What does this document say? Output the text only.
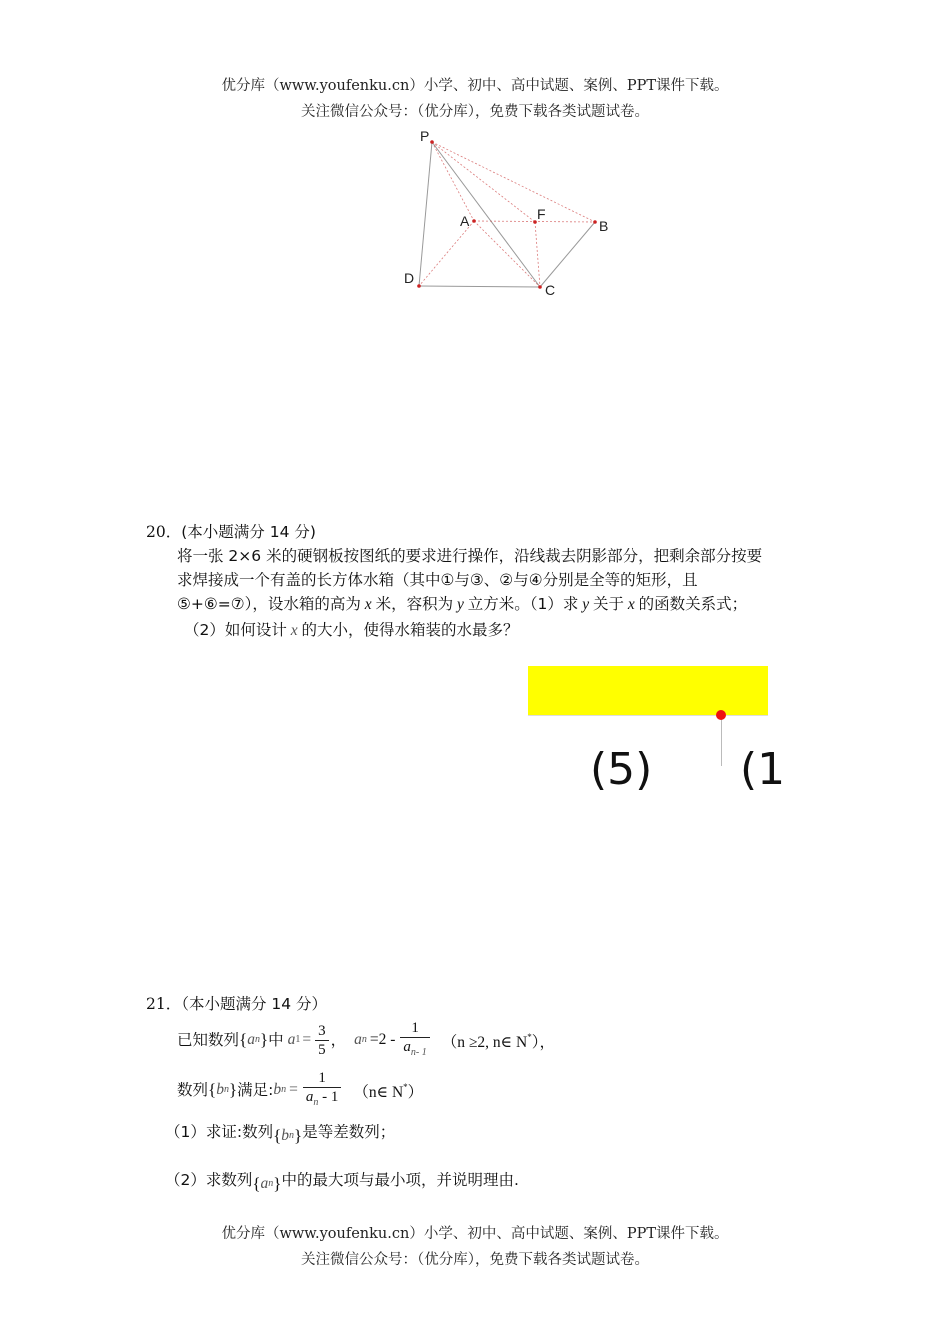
优分库（www.youfenku.cn）小学、初中、高中试题、案例、PPT课件下载。
关注微信公众号：（优分库），免费下载各类试题试卷。
P
A	F
B
D
C
20．(本小题满分 14 分)
将一张 2×6 米的硬钢板按图纸的要求进行操作，沿线裁去阴影部分，把剩余部分按要
求焊接成一个有盖的长方体水箱（其中①与③、②与④分别是全等的矩形，且
⑤+⑥=⑦），设水箱的高为 x 米，容积为 y 立方米。（1）求 y 关于 x 的函数关系式；
（2）如何设计 x 的大小，使得水箱装的水最多？
(5) (1
21．（本小题满分 14 分）
已知数列 { a n } 中 a $1 = \frac{3}{5}$ ， a $n =2 - \frac{1}{a_{n- 1}} (n \ge 2$, n∈ N*），
数列 { b n } 满足: b $n = \frac{1}{a_n - 1}$ （n∈ N*）
（1）求证:数列 { b n } 是等差数列；
（2）求数列 { a n } 中的最大项与最小项，并说明理由.
优分库（www.youfenku.cn）小学、初中、高中试题、案例、PPT课件下载。
关注微信公众号：（优分库），免费下载各类试题试卷。
